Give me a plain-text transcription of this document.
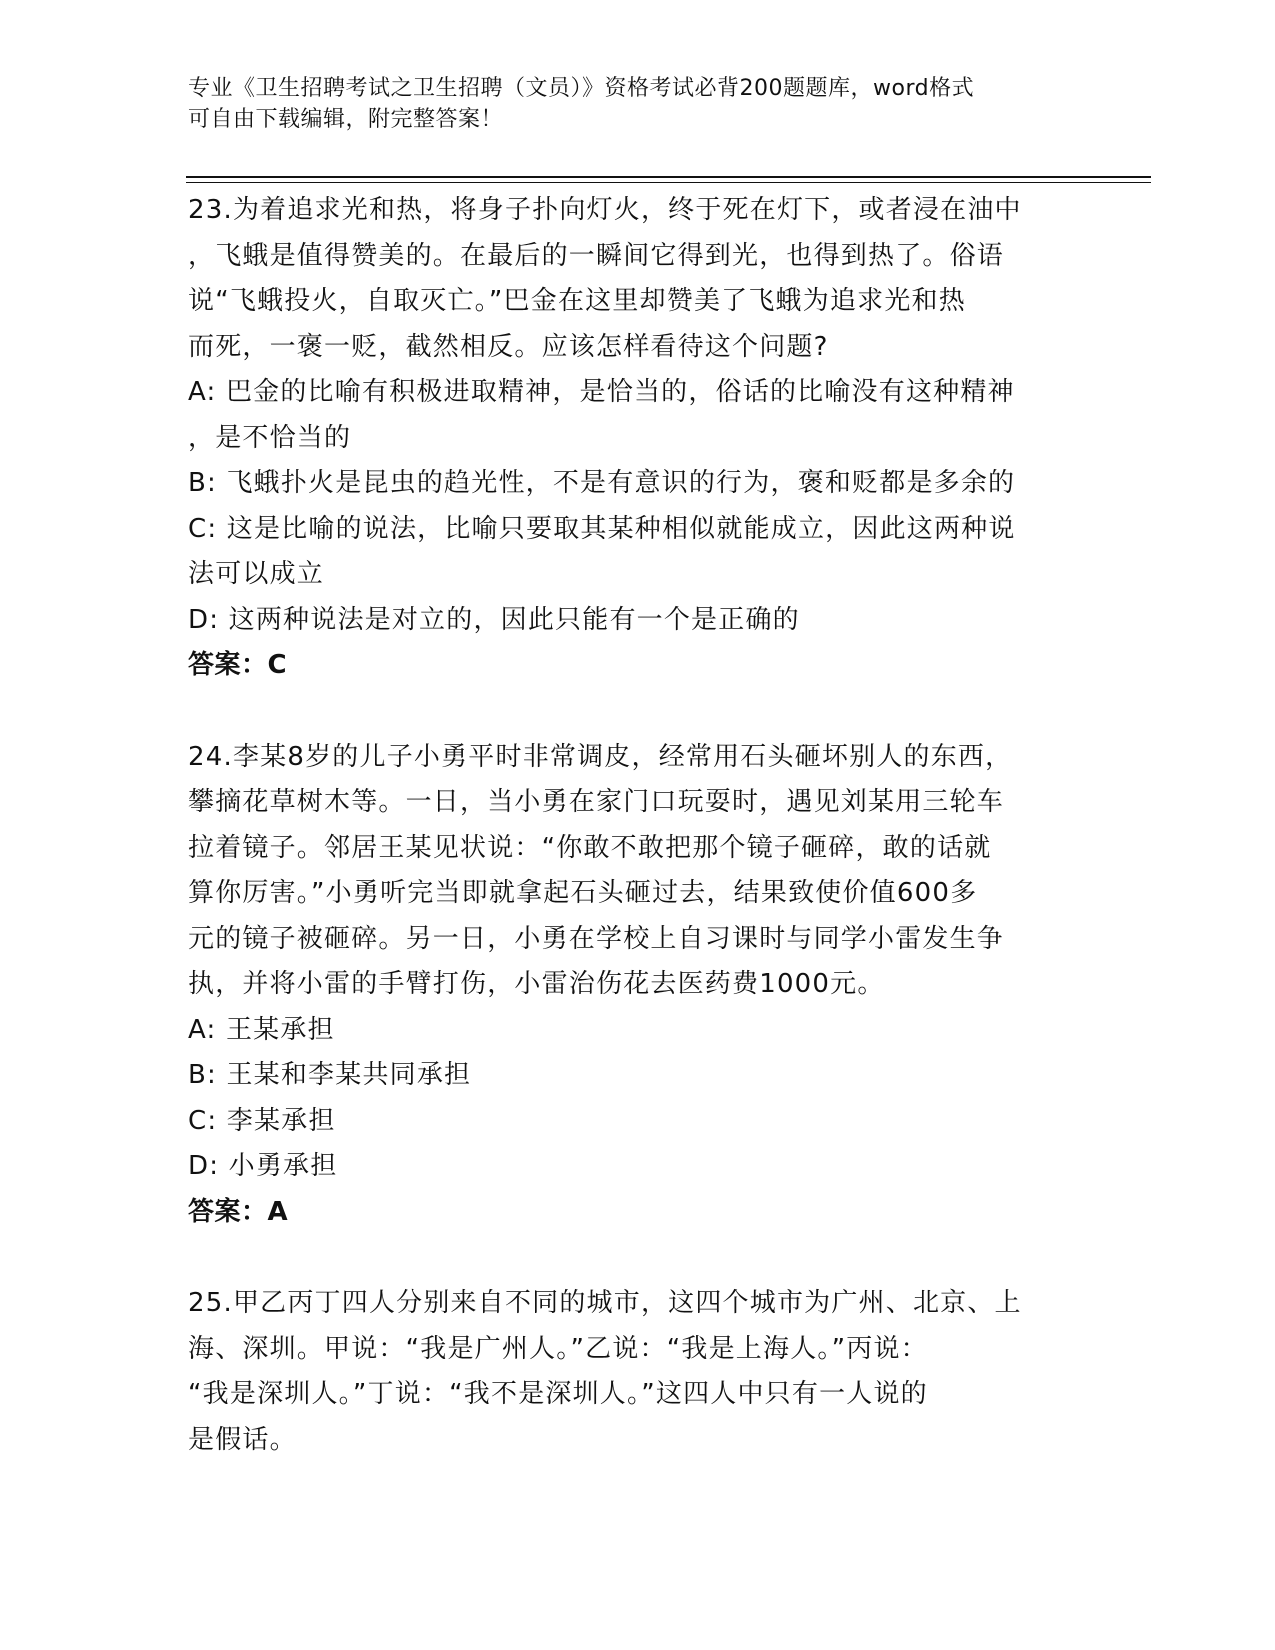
专业《卫生招聘考试之卫生招聘（文员）》资格考试必背200题题库，word格式
可自由下载编辑，附完整答案！

23.为着追求光和热，将身子扑向灯火，终于死在灯下，或者浸在油中

，飞蛾是值得赞美的。在最后的一瞬间它得到光，也得到热了。俗语

说“飞蛾投火，自取灭亡。”巴金在这里却赞美了飞蛾为追求光和热

而死，一褒一贬，截然相反。应该怎样看待这个问题?

A: 巴金的比喻有积极进取精神，是恰当的，俗话的比喻没有这种精神

，是不恰当的

B: 飞蛾扑火是昆虫的趋光性，不是有意识的行为，褒和贬都是多余的

C: 这是比喻的说法，比喻只要取其某种相似就能成立，因此这两种说

法可以成立

D: 这两种说法是对立的，因此只能有一个是正确的

答案：C

24.李某8岁的儿子小勇平时非常调皮，经常用石头砸坏别人的东西，

攀摘花草树木等。一日，当小勇在家门口玩耍时，遇见刘某用三轮车

拉着镜子。邻居王某见状说：“你敢不敢把那个镜子砸碎，敢的话就

算你厉害。”小勇听完当即就拿起石头砸过去，结果致使价值600多

元的镜子被砸碎。另一日，小勇在学校上自习课时与同学小雷发生争

执，并将小雷的手臂打伤，小雷治伤花去医药费1000元。

A: 王某承担

B: 王某和李某共同承担

C: 李某承担

D: 小勇承担

答案：A

25.甲乙丙丁四人分别来自不同的城市，这四个城市为广州、北京、上

海、深圳。甲说：“我是广州人。”乙说：“我是上海人。”丙说：

“我是深圳人。”丁说：“我不是深圳人。”这四人中只有一人说的

是假话。
